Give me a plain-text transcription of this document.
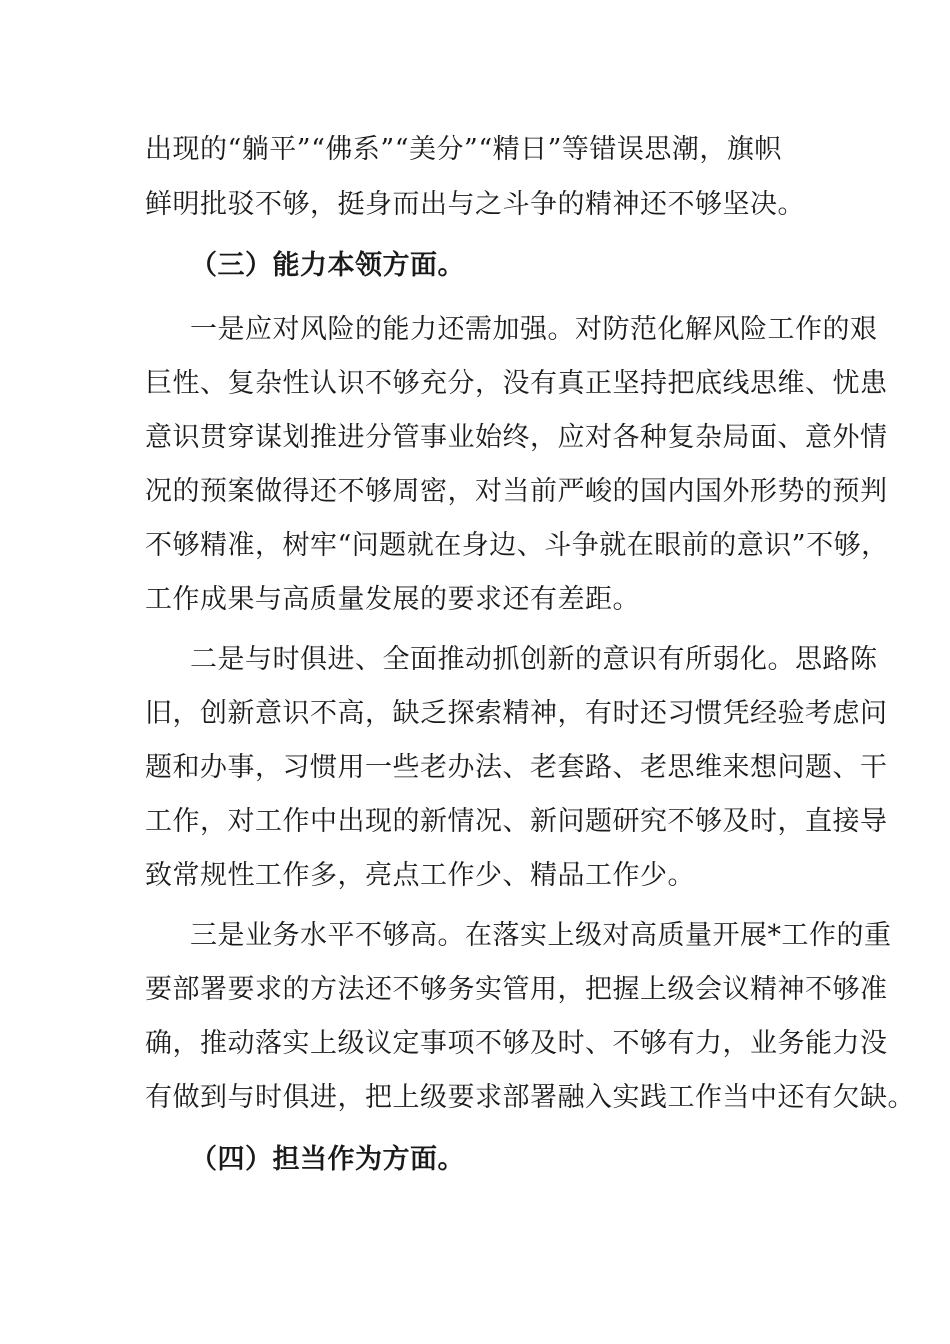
出现的“躺平”“佛系”“美分”“精日”等错误思潮，旗帜
鲜明批驳不够，挺身而出与之斗争的精神还不够坚决。
（三）能力本领方面。
一是应对风险的能力还需加强。对防范化解风险工作的艰
巨性、复杂性认识不够充分，没有真正坚持把底线思维、忧患
意识贯穿谋划推进分管事业始终，应对各种复杂局面、意外情
况的预案做得还不够周密，对当前严峻的国内国外形势的预判
不够精准，树牢“问题就在身边、斗争就在眼前的意识”不够，
工作成果与高质量发展的要求还有差距。
二是与时俱进、全面推动抓创新的意识有所弱化。思路陈
旧，创新意识不高，缺乏探索精神，有时还习惯凭经验考虑问
题和办事，习惯用一些老办法、老套路、老思维来想问题、干
工作，对工作中出现的新情况、新问题研究不够及时，直接导
致常规性工作多，亮点工作少、精品工作少。
三是业务水平不够高。在落实上级对高质量开展*工作的重
要部署要求的方法还不够务实管用，把握上级会议精神不够准
确，推动落实上级议定事项不够及时、不够有力，业务能力没
有做到与时俱进，把上级要求部署融入实践工作当中还有欠缺。
（四）担当作为方面。
